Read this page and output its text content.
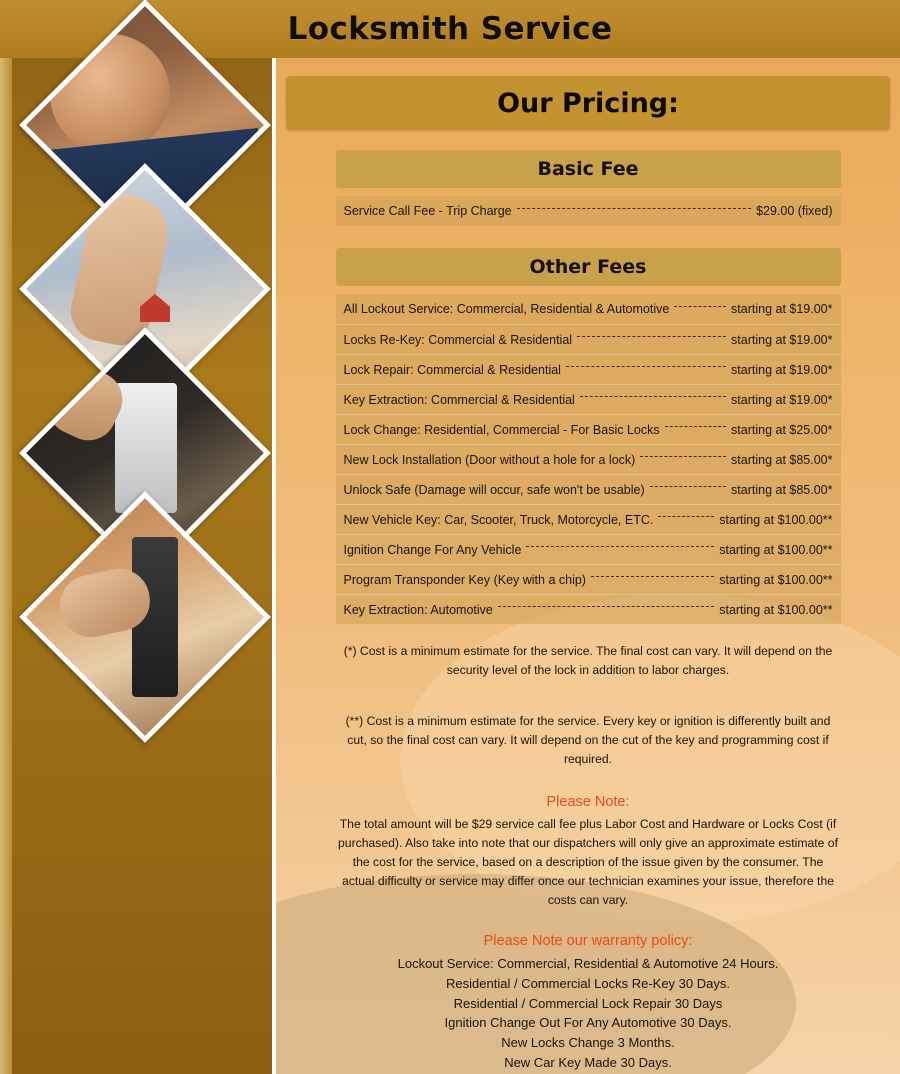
Our Pricing:
Basic Fee
Service Call Fee - Trip Charge	$29.00 (fixed)
Other Fees
All Lockout Service: Commercial, Residential & Automotive	starting at $19.00*
Locks Re-Key: Commercial & Residential	starting at $19.00*
Lock Repair: Commercial & Residential	starting at $19.00*
Key Extraction: Commercial & Residential	starting at $19.00*
Lock Change: Residential, Commercial - For Basic Locks	starting at $25.00*
New Lock Installation (Door without a hole for a lock)	starting at $85.00*
Unlock Safe (Damage will occur, safe won't be usable)	starting at $85.00*
New Vehicle Key: Car, Scooter, Truck, Motorcycle, ETC.	starting at $100.00**
Ignition Change For Any Vehicle	starting at $100.00**
Program Transponder Key (Key with a chip)	starting at $100.00**
Key Extraction: Automotive	starting at $100.00**
(*) Cost is a minimum estimate for the service. The final cost can vary. It will depend on the security level of the lock in addition to labor charges.
(**) Cost is a minimum estimate for the service. Every key or ignition is differently built and cut, so the final cost can vary. It will depend on the cut of the key and programming cost if required.
Please Note:
The total amount will be $29 service call fee plus Labor Cost and Hardware or Locks Cost (if purchased). Also take into note that our dispatchers will only give an approximate estimate of the cost for the service, based on a description of the issue given by the consumer. The actual difficulty or service may differ once our technician examines your issue, therefore the costs can vary.
Please Note our warranty policy:
Lockout Service: Commercial, Residential & Automotive 24 Hours.
Residential / Commercial Locks Re-Key 30 Days.
Residential / Commercial Lock Repair 30 Days
Ignition Change Out For Any Automotive 30 Days.
New Locks Change 3 Months.
New Car Key Made 30 Days.
Locksmith Service
